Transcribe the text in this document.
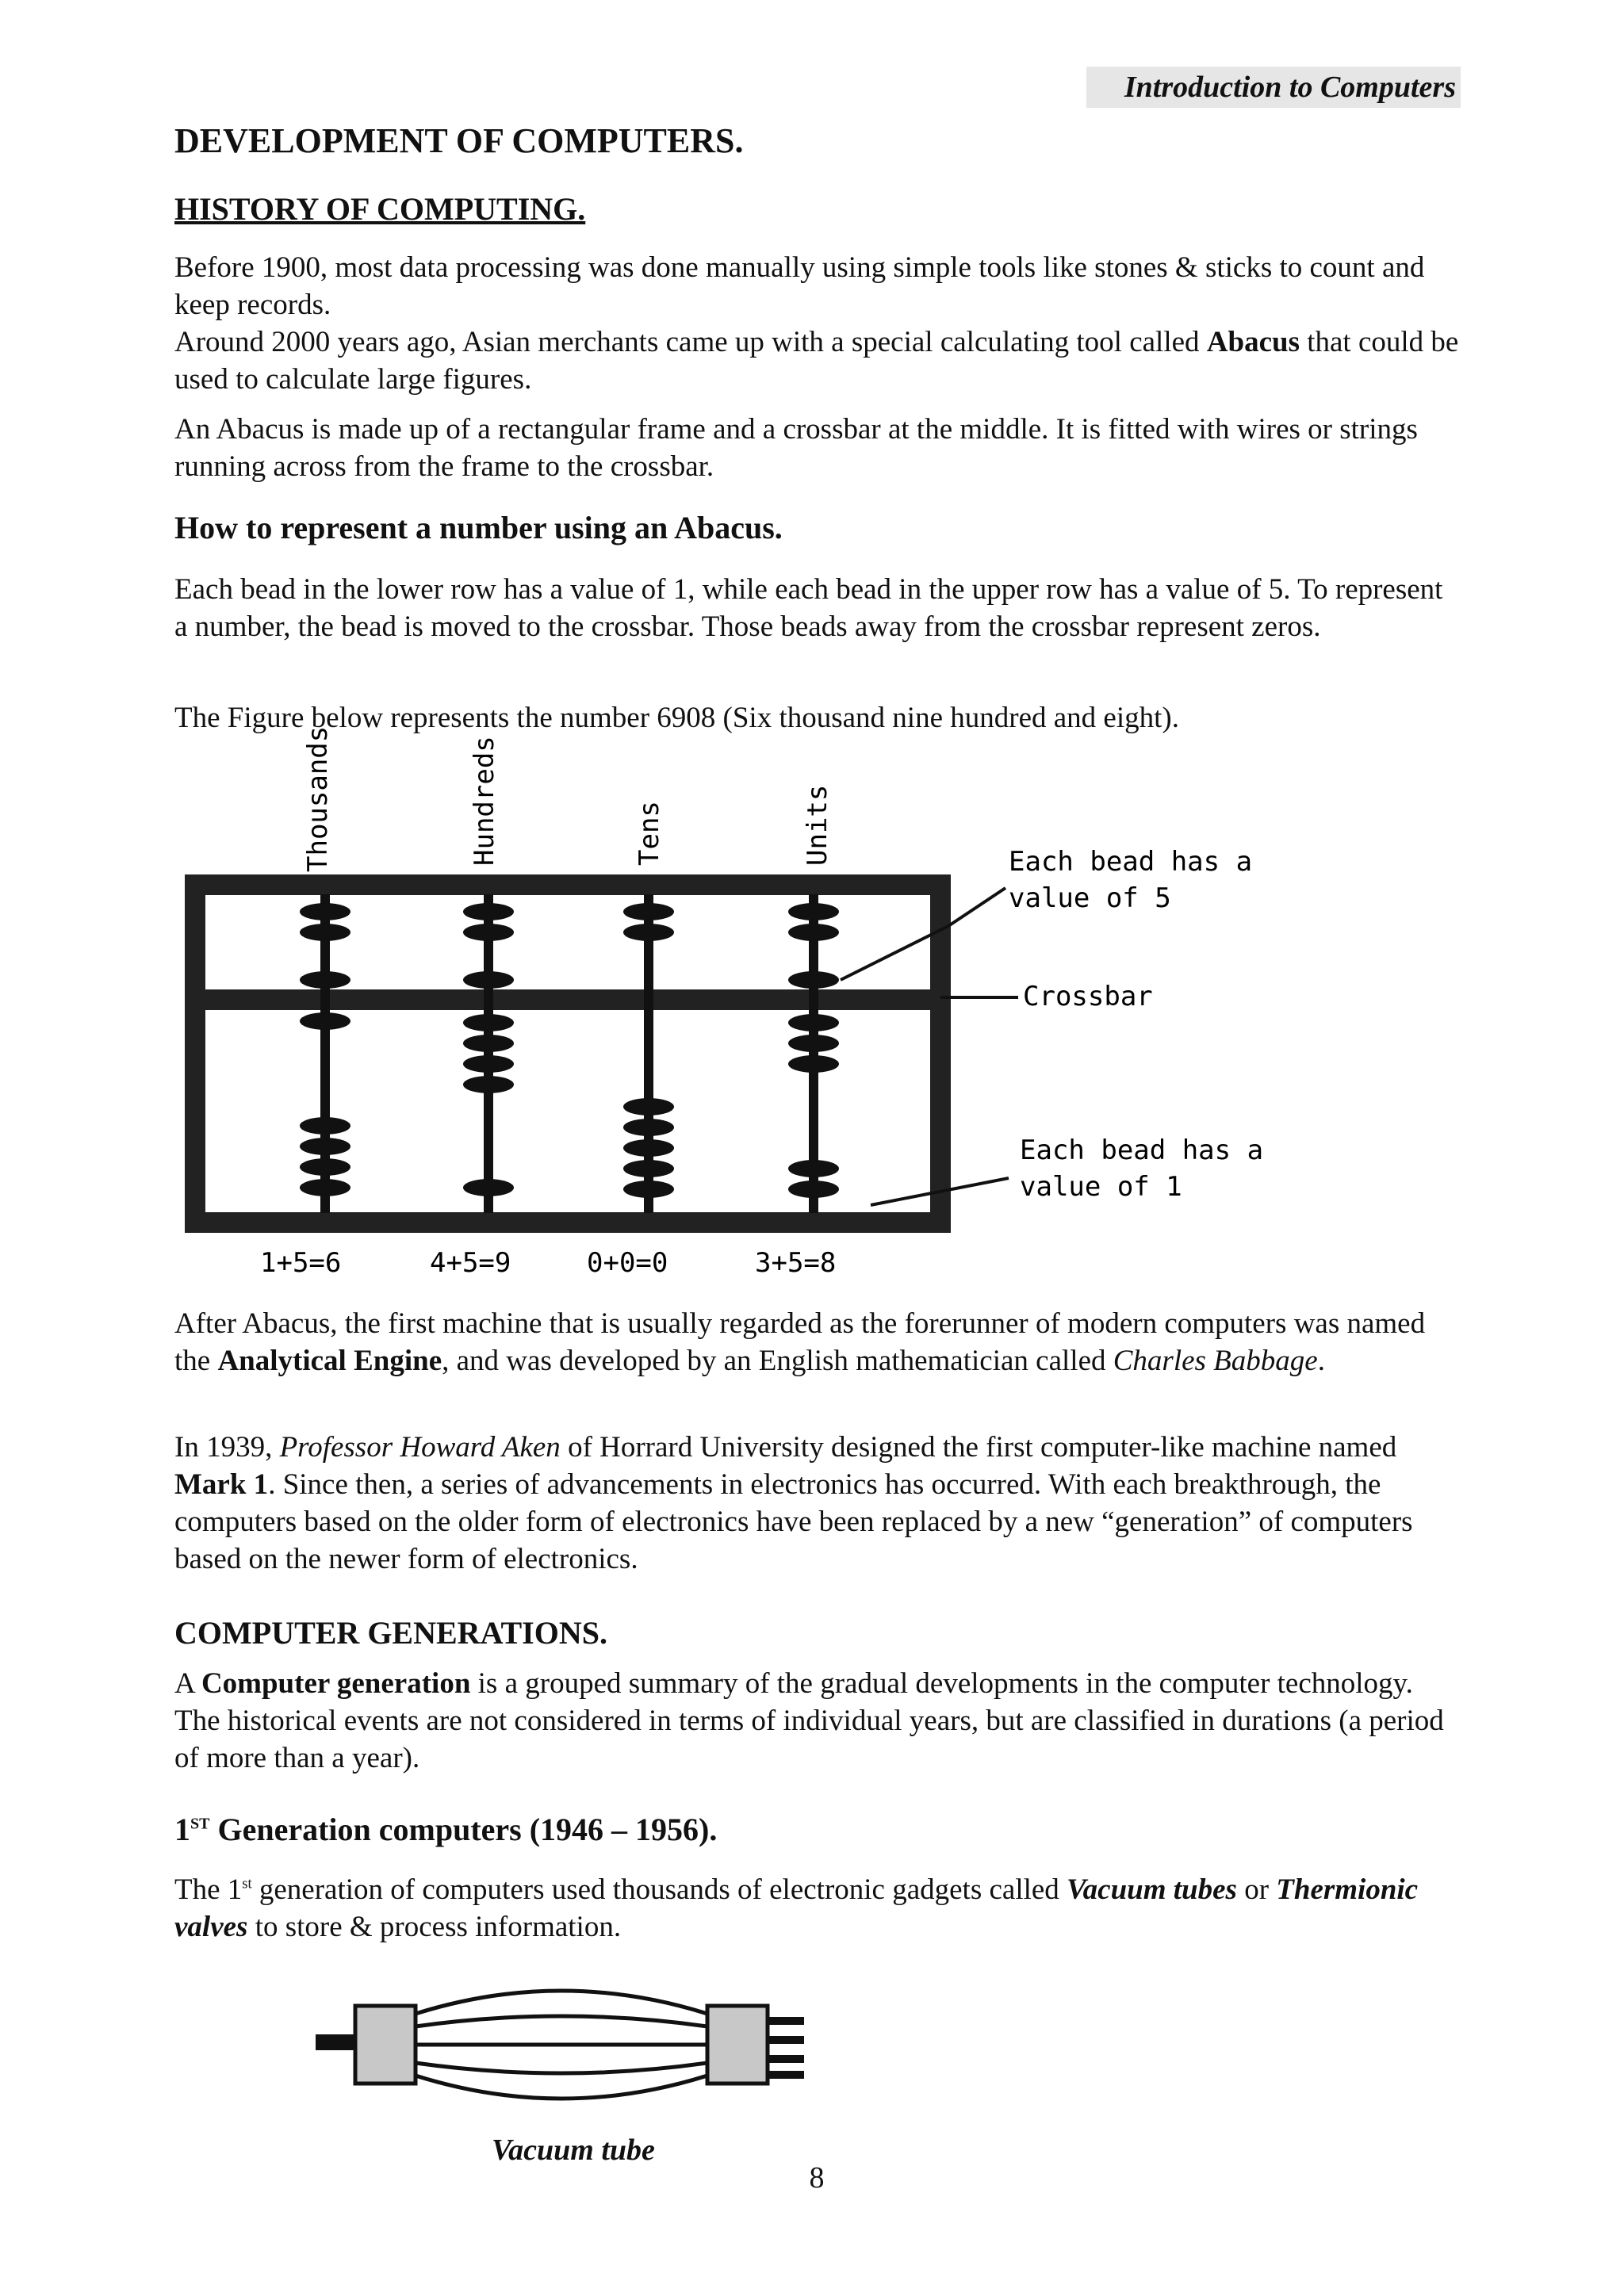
Introduction to Computers
DEVELOPMENT OF COMPUTERS.
HISTORY OF COMPUTING.

Before 1900, most data processing was done manually using simple tools like stones & sticks to count and keep records.

Around 2000 years ago, Asian merchants came up with a special calculating tool called Abacus that could be used to calculate large figures.

An Abacus is made up of a rectangular frame and a crossbar at the middle. It is fitted with wires or strings running across from the frame to the crossbar.

How to represent a number using an Abacus.

Each bead in the lower row has a value of 1, while each bead in the upper row has a value of 5. To represent a number, the bead is moved to the crossbar. Those beads away from the crossbar represent zeros.

The Figure below represents the number 6908 (Six thousand nine hundred and eight).

Thousands	Hundreds	Tens	Units	Each bead has a
value of 5
Crossbar
Each bead has a
value of 1
1+5=6	4+5=9	0+0=0	3+5=8

After Abacus, the first machine that is usually regarded as the forerunner of modern computers was named the Analytical Engine, and was developed by an English mathematician called Charles Babbage.

In 1939, Professor Howard Aken of Horrard University designed the first computer-like machine named Mark 1. Since then, a series of advancements in electronics has occurred. With each breakthrough, the computers based on the older form of electronics have been replaced by a new “generation” of computers based on the newer form of electronics.

COMPUTER GENERATIONS.

A Computer generation is a grouped summary of the gradual developments in the computer technology. The historical events are not considered in terms of individual years, but are classified in durations (a period of more than a year).

1ST Generation computers (1946 – 1956).

The 1st generation of computers used thousands of electronic gadgets called Vacuum tubes or Thermionic valves to store & process information.

Vacuum tube
8
